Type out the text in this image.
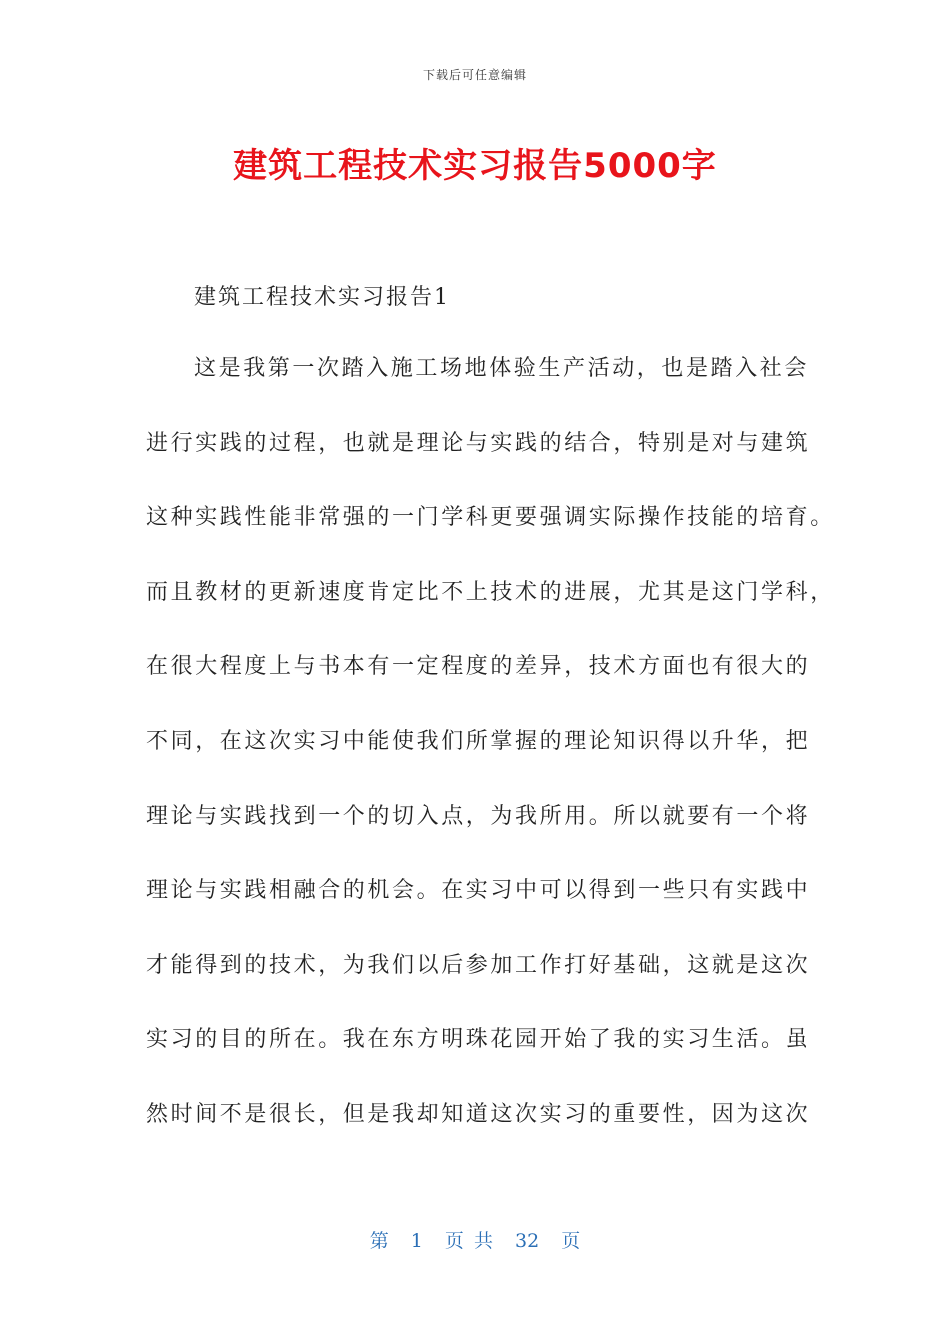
下载后可任意编辑
建筑工程技术实习报告5000字
建筑工程技术实习报告1
这是我第一次踏入施工场地体验生产活动，也是踏入社会
进行实践的过程，也就是理论与实践的结合，特别是对与建筑
这种实践性能非常强的一门学科更要强调实际操作技能的培育。
而且教材的更新速度肯定比不上技术的进展，尤其是这门学科，
在很大程度上与书本有一定程度的差异，技术方面也有很大的
不同，在这次实习中能使我们所掌握的理论知识得以升华，把
理论与实践找到一个的切入点，为我所用。所以就要有一个将
理论与实践相融合的机会。在实习中可以得到一些只有实践中
才能得到的技术，为我们以后参加工作打好基础，这就是这次
实习的目的所在。我在东方明珠花园开始了我的实习生活。虽
然时间不是很长，但是我却知道这次实习的重要性，因为这次
第 1 页 共 32 页
